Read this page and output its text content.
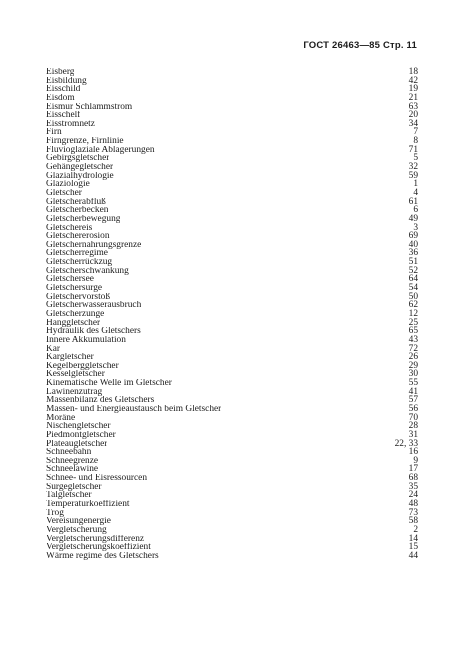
ГОСТ 26463—85 Стр. 11
Eisberg	18
Eisbildung	42
Eisschild	19
Eisdom	21
Eismur Schlammstrom	63
Eisschelf	20
Eisstromnetz	34
Firn	7
Firngrenze, Firnlinie	8
Fluvioglaziale Ablagerungen	71
Gebirgsgletscher	5
Gehängegletscher	32
Glazialhydrologie	59
Glaziologie	1
Gletscher	4
Gletscherabfluß	61
Gletscherbecken	6
Gletscherbewegung	49
Gletschereis	3
Gletschererosion	69
Gletschernahrungsgrenze	40
Gletscherregime	36
Gletscherrückzug	51
Gletscherschwankung	52
Gletschersee	64
Gletschersurge	54
Gletschervorstoß	50
Gletscherwasserausbruch	62
Gletscherzunge	12
Hanggletscher	25
Hydraulik des Gletschers	65
Innere Akkumulation	43
Kar	72
Kargletscher	26
Kegelberggletscher	29
Kesselgletscher	30
Kinematische Welle im Gletscher	55
Lawinenzutrag	41
Massenbilanz des Gletschers	57
Massen- und Energieaustausch beim Gletscher	56
Moräne	70
Nischengletscher	28
Piedmontgletscher	31
Plateaugletscher	22, 33
Schneebahn	16
Schneegrenze	9
Schneelawine	17
Schnee- und Eisressourcen	68
Surgegletscher	35
Talgletscher	24
Temperaturkoeffizient	48
Trog	73
Vereisungenergie	58
Vergletscherung	2
Vergletscherungsdifferenz	14
Vergletscherungskoeffizient	15
Wärme regime des Gletschers	44
